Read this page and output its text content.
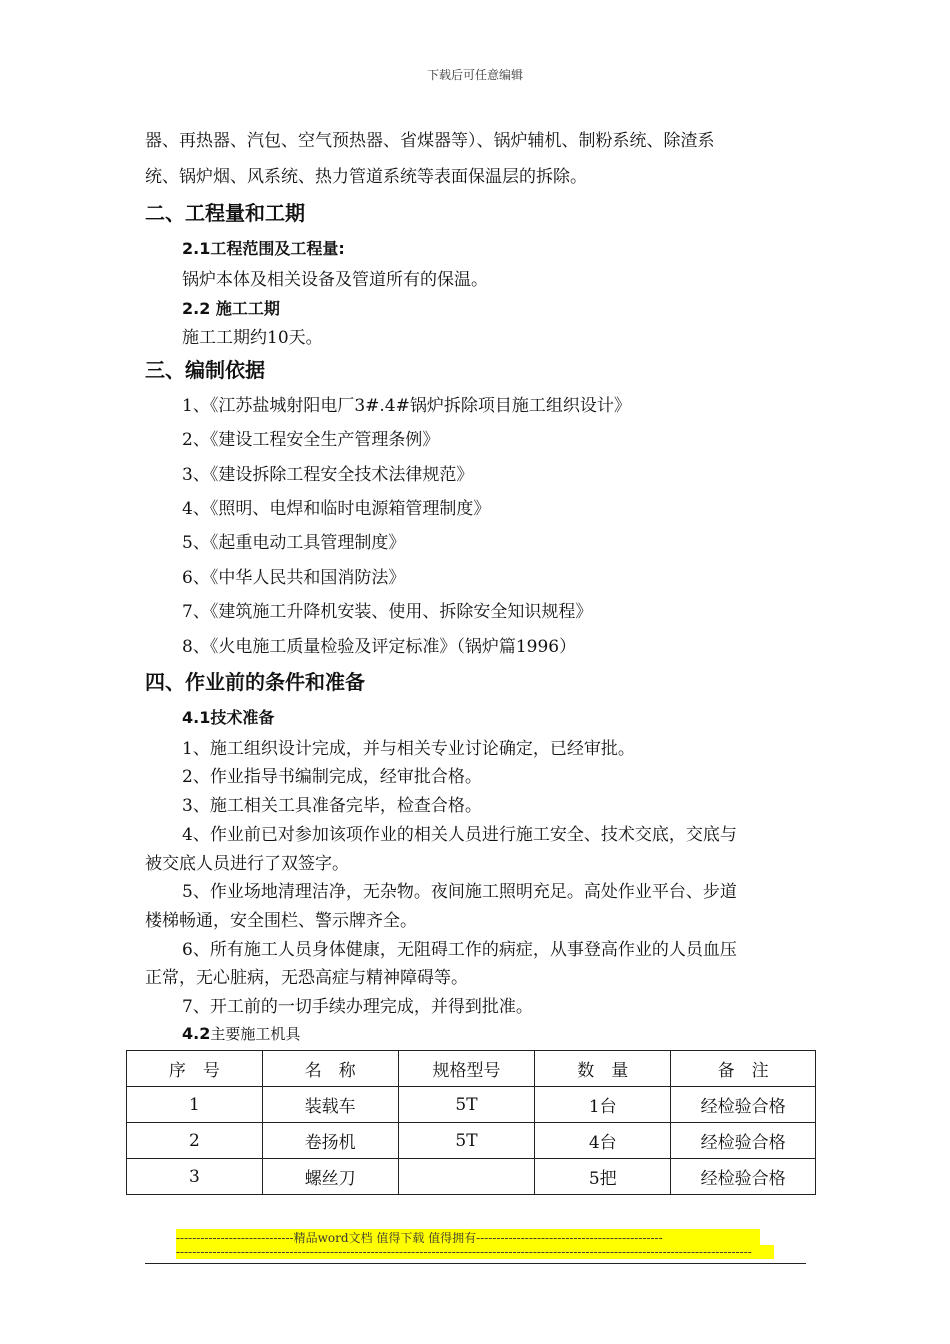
下载后可任意编辑
器、再热器、汽包、空气预热器、省煤器等）、锅炉辅机、制粉系统、除渣系
统、锅炉烟、风系统、热力管道系统等表面保温层的拆除。
二、工程量和工期
2.1工程范围及工程量:
锅炉本体及相关设备及管道所有的保温。
2.2 施工工期
施工工期约10天。
三、编制依据
1、《江苏盐城射阳电厂3#.4#锅炉拆除项目施工组织设计》
2、《建设工程安全生产管理条例》
3、《建设拆除工程安全技术法律规范》
4、《照明、电焊和临时电源箱管理制度》
5、《起重电动工具管理制度》
6、《中华人民共和国消防法》
7、《建筑施工升降机安装、使用、拆除安全知识规程》
8、《火电施工质量检验及评定标准》（锅炉篇1996）
四、作业前的条件和准备
4.1技术准备
1、施工组织设计完成，并与相关专业讨论确定，已经审批。
2、作业指导书编制完成，经审批合格。
3、施工相关工具准备完毕，检查合格。
4、作业前已对参加该项作业的相关人员进行施工安全、技术交底，交底与
被交底人员进行了双签字。
5、作业场地清理洁净，无杂物。夜间施工照明充足。高处作业平台、步道
楼梯畅通，安全围栏、警示牌齐全。
6、所有施工人员身体健康，无阻碍工作的病症，从事登高作业的人员血压
正常，无心脏病，无恐高症与精神障碍等。
7、开工前的一切手续办理完成，并得到批准。
4.2主要施工机具
序　号	名　称	规格型号	数　量	备　注
1	装载车	5T	1台	经检验合格
2	卷扬机	5T	4台	经检验合格
3	螺丝刀		5把	经检验合格
-----------------------------精品word文档 值得下载 值得拥有----------------------------------------------
----------------------------------------------------------------------------------------------------------------------------------------------
